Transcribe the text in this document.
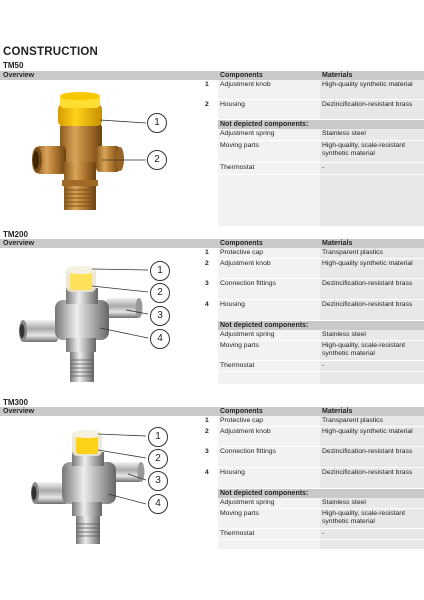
CONSTRUCTION
TM50
Overview
1
2
Components	Materials
1	Adjustment knob	High-quality synthetic material
2	Housing	Dezincification-resistant brass
Not depicted components:
Adjustment spring	Stainless steel
Moving parts	High-quality, scale-resistant synthetic material
Thermostat	-
TM200
Overview
1
2
3
4
Components	Materials
1	Protective cap	Transparent plastics
2	Adjustment knob	High-quality synthetic material
3	Connection fittings	Dezincification-resistant brass
4	Housing	Dezincification-resistant brass
Not depicted components:
Adjustment spring	Stainless steel
Moving parts	High-quality, scale-resistant synthetic material
Thermostat	-
TM300
Overview
1
2
3
4
Components	Materials
1	Protective cap	Transparent plastics
2	Adjustment knob	High-quality synthetic material
3	Connection fittings	Dezincification-resistant brass
4	Housing	Dezincification-resistant brass
Not depicted components:
Adjustment spring	Stainless steel
Moving parts	High-quality, scale-resistant synthetic material
Thermostat	-
